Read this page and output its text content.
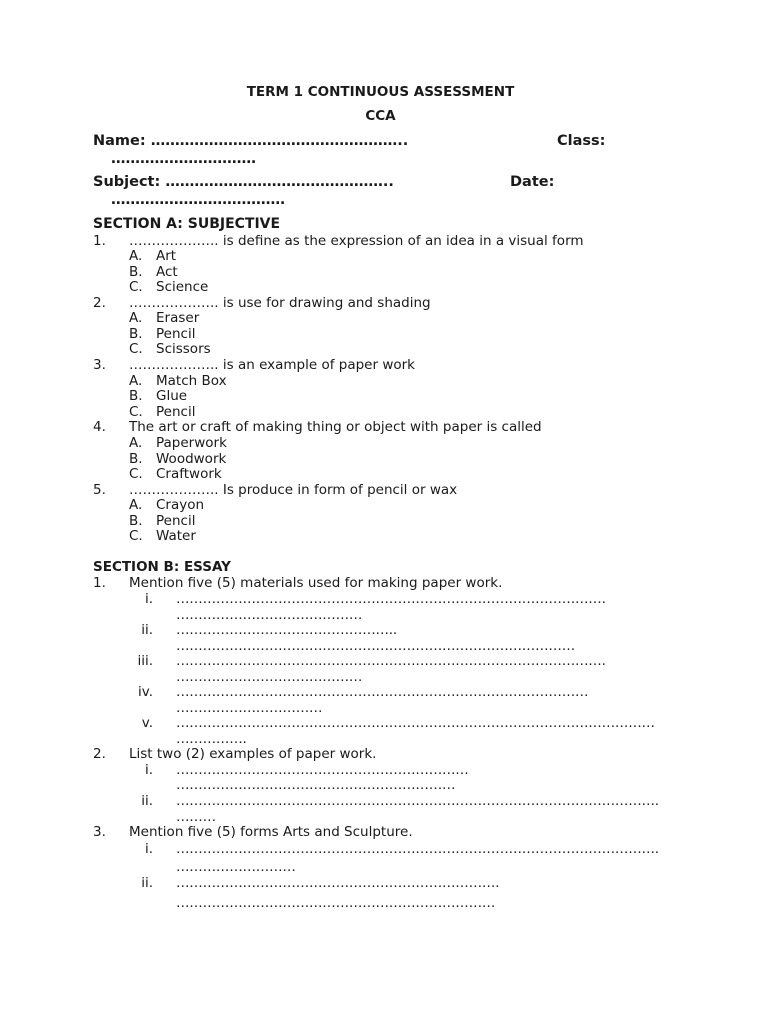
TERM 1 CONTINUOUS ASSESSMENT
CCA
Name: ……………………………………………..	Class:
…………………………
Subject: ………………………………………..	Date:
………………………………
SECTION A: SUBJECTIVE
1. ……………….. is define as the expression of an idea in a visual form
A. Art
B. Act
C. Science
2. ……………….. is use for drawing and shading
A. Eraser
B. Pencil
C. Scissors
3. ……………….. is an example of paper work
A. Match Box
B. Glue
C. Pencil
4. The art or craft of making thing or object with paper is called
A. Paperwork
B. Woodwork
C. Craftwork
5. ……………….. Is produce in form of pencil or wax
A. Crayon
B. Pencil
C. Water
SECTION B: ESSAY
1. Mention five (5) materials used for making paper work.
i. …………………………………………………………………………………….
……………………………………
ii. …………………………………………..
………………………………………………………………………………
iii. …………………………………………………………………………………….
……………………………………
iv. …………………………………………………………………………………
……………………………
v. ………………………………………………………………………………………………
…………….
2. List two (2) examples of paper work.
i. …………………………………………………………
………………………………………………………
ii. ……………………………………………………………………………………………….
………
3. Mention five (5) forms Arts and Sculpture.
i. ……………………………………………………………………………………………….
………………………
ii. ……………………………………………………………….
………………………………………………………………
